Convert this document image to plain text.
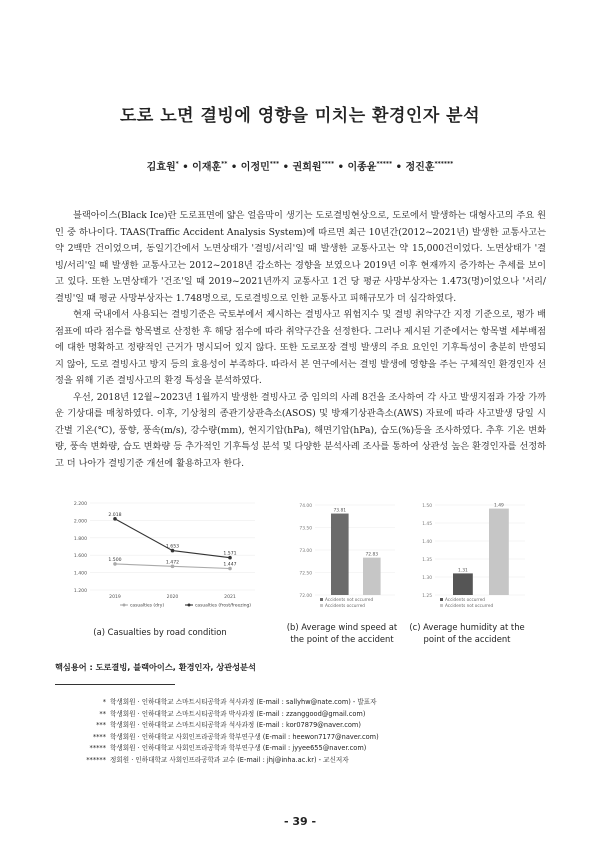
도로 노면 결빙에 영향을 미치는 환경인자 분석
김효원* • 이재훈** • 이정민*** • 권희원**** • 이종윤***** • 정진훈******

블랙아이스(Black Ice)란 도로표면에 얇은 얼음막이 생기는 도로결빙현상으로, 도로에서 발생하는 대형사고의 주요 원인 중 하나이다. TAAS(Traffic Accident Analysis System)에 따르면 최근 10년간(2012~2021년) 발생한 교통사고는 약 2백만 건이었으며, 동일기간에서 노면상태가 '결빙/서리'일 때 발생한 교통사고는 약 15,000건이었다. 노면상태가 '결빙/서리'일 때 발생한 교통사고는 2012~2018년 감소하는 경향을 보였으나 2019년 이후 현재까지 증가하는 추세를 보이고 있다. 또한 노면상태가 '건조'일 때 2019~2021년까지 교통사고 1건 당 평균 사망부상자는 1.473(명)이었으나 '서리/결빙'일 때 평균 사망부상자는 1.748명으로, 도로결빙으로 인한 교통사고 피해규모가 더 심각하였다.

현재 국내에서 사용되는 결빙기준은 국토부에서 제시하는 결빙사고 위험지수 및 결빙 취약구간 지정 기준으로, 평가 배점표에 따라 점수를 항목별로 산정한 후 해당 점수에 따라 취약구간을 선정한다. 그러나 제시된 기준에서는 항목별 세부배점에 대한 명확하고 정량적인 근거가 명시되어 있지 않다. 또한 도로포장 결빙 발생의 주요 요인인 기후특성이 충분히 반영되지 않아, 도로 결빙사고 방지 등의 효용성이 부족하다. 따라서 본 연구에서는 결빙 발생에 영향을 주는 구체적인 환경인자 선정을 위해 기존 결빙사고의 환경 특성을 분석하였다.

우선, 2018년 12월~2023년 1월까지 발생한 결빙사고 중 임의의 사례 8건을 조사하여 각 사고 발생지점과 가장 가까운 기상대를 매칭하였다. 이후, 기상청의 종관기상관측소(ASOS) 및 방재기상관측소(AWS) 자료에 따라 사고발생 당일 시간별 기온(℃), 풍향, 풍속(m/s), 강수량(mm), 현지기압(hPa), 해면기압(hPa), 습도(%)등을 조사하였다. 추후 기온 변화량, 풍속 변화량, 습도 변화량 등 추가적인 기후특성 분석 및 다양한 분석사례 조사를 통하여 상관성 높은 환경인자를 선정하고 더 나아가 결빙기준 개선에 활용하고자 한다.

1.200
1.400
1.600
1.800
2.000
2.200
2019	2020	2021
1.500	1.472	1.447
casualties (dry)
2.018
1.653
1.571
casualties (frost/freezing)
72.00
72.50
73.00
73.50
74.00
73.81
72.83
Accidents not occurred
Accidents occurred
1.25
1.30
1.35
1.40
1.45
1.50
1.31
1.49
Accidents occurred
Accidents not occurred
(a) Casualties by road condition	(b) Average wind speed at the point of the accident
(c) Average humidity at the point of the accident
핵심용어 : 도로결빙, 블랙아이스, 환경인자, 상관성분석
* 학생회원 · 인하대학교 스마트시티공학과 석사과정 (E-mail : sallyhw@nate.com) - 발표자
** 학생회원 · 인하대학교 스마트시티공학과 박사과정 (E-mail : zzanggood@gmail.com)
*** 학생회원 · 인하대학교 스마트시티공학과 석사과정 (E-mail : kor07879@naver.com)
**** 학생회원 · 인하대학교 사회인프라공학과 학부연구생 (E-mail : heewon7177@naver.com)
***** 학생회원 · 인하대학교 사회인프라공학과 학부연구생 (E-mail : jyyee655@naver.com)
****** 정회원 · 인하대학교 사회인프라공학과 교수 (E-mail : jhj@inha.ac.kr) - 교신저자
- 39 -
